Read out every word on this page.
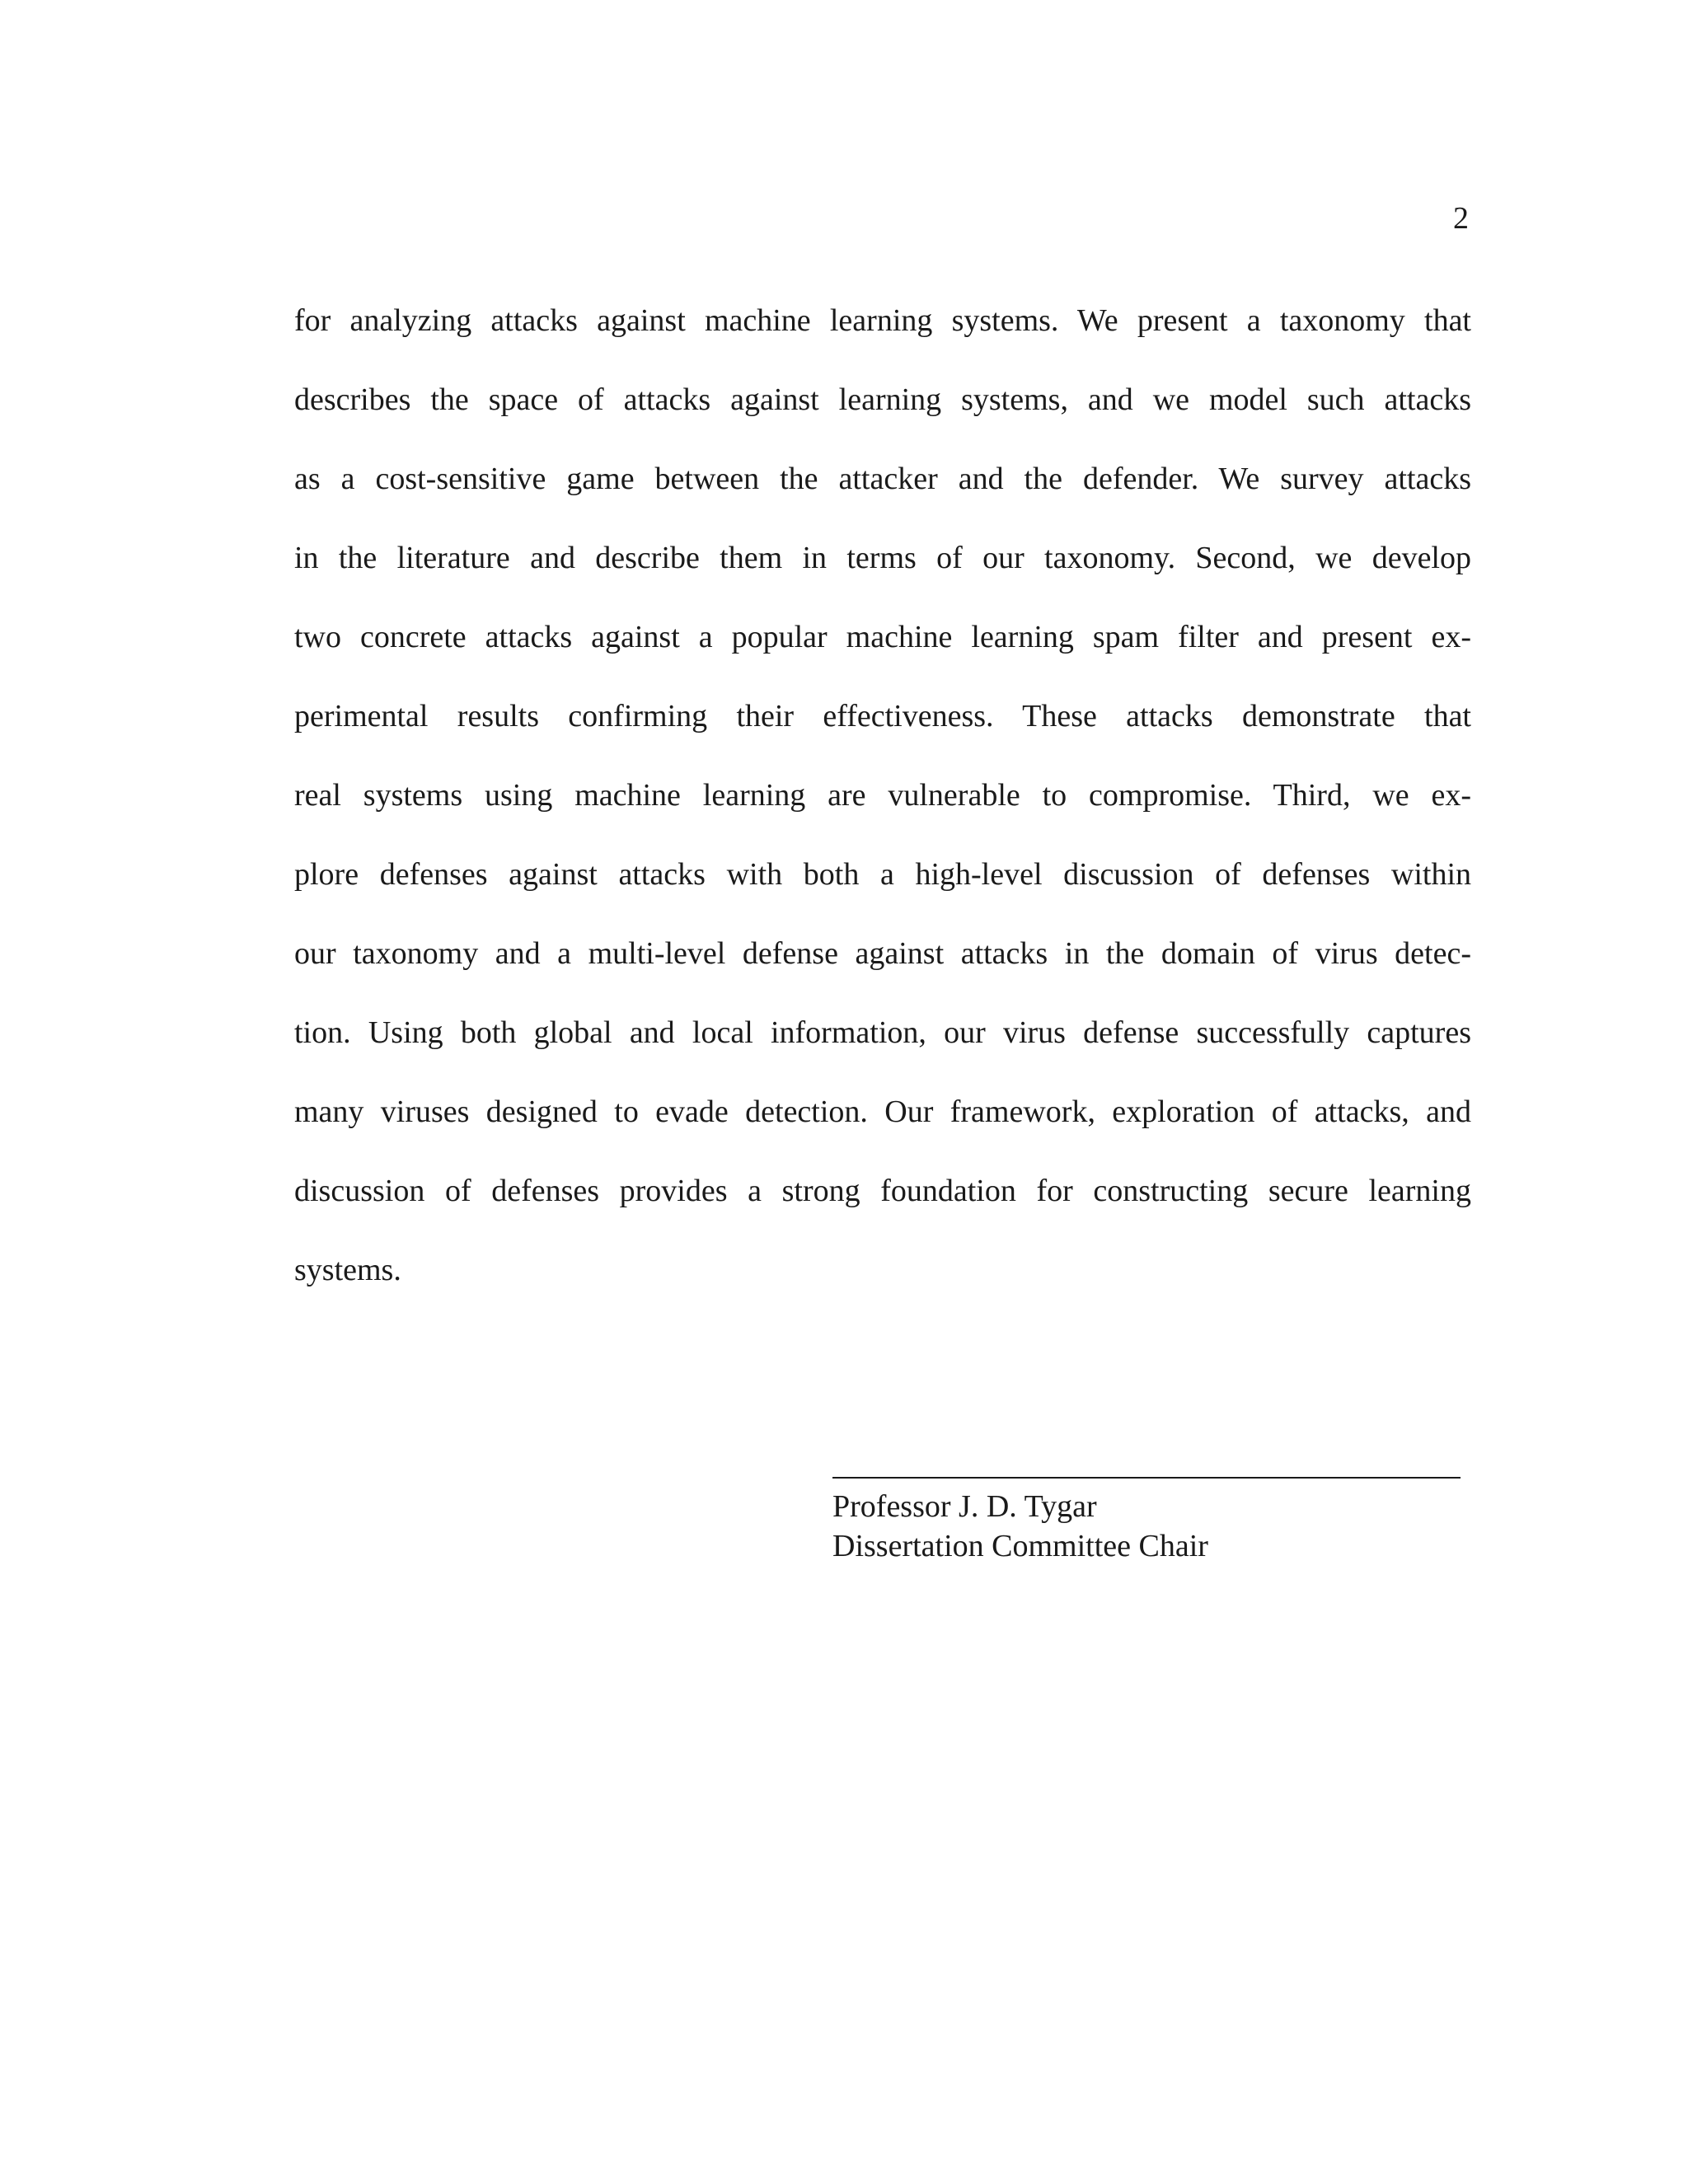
2
for analyzing attacks against machine learning systems. We present a taxonomy that
describes the space of attacks against learning systems, and we model such attacks
as a cost-sensitive game between the attacker and the defender. We survey attacks
in the literature and describe them in terms of our taxonomy. Second, we develop
two concrete attacks against a popular machine learning spam filter and present ex-
perimental results confirming their effectiveness. These attacks demonstrate that
real systems using machine learning are vulnerable to compromise. Third, we ex-
plore defenses against attacks with both a high-level discussion of defenses within
our taxonomy and a multi-level defense against attacks in the domain of virus detec-
tion. Using both global and local information, our virus defense successfully captures
many viruses designed to evade detection. Our framework, exploration of attacks, and
discussion of defenses provides a strong foundation for constructing secure learning
systems.
Professor J. D. Tygar
Dissertation Committee Chair
